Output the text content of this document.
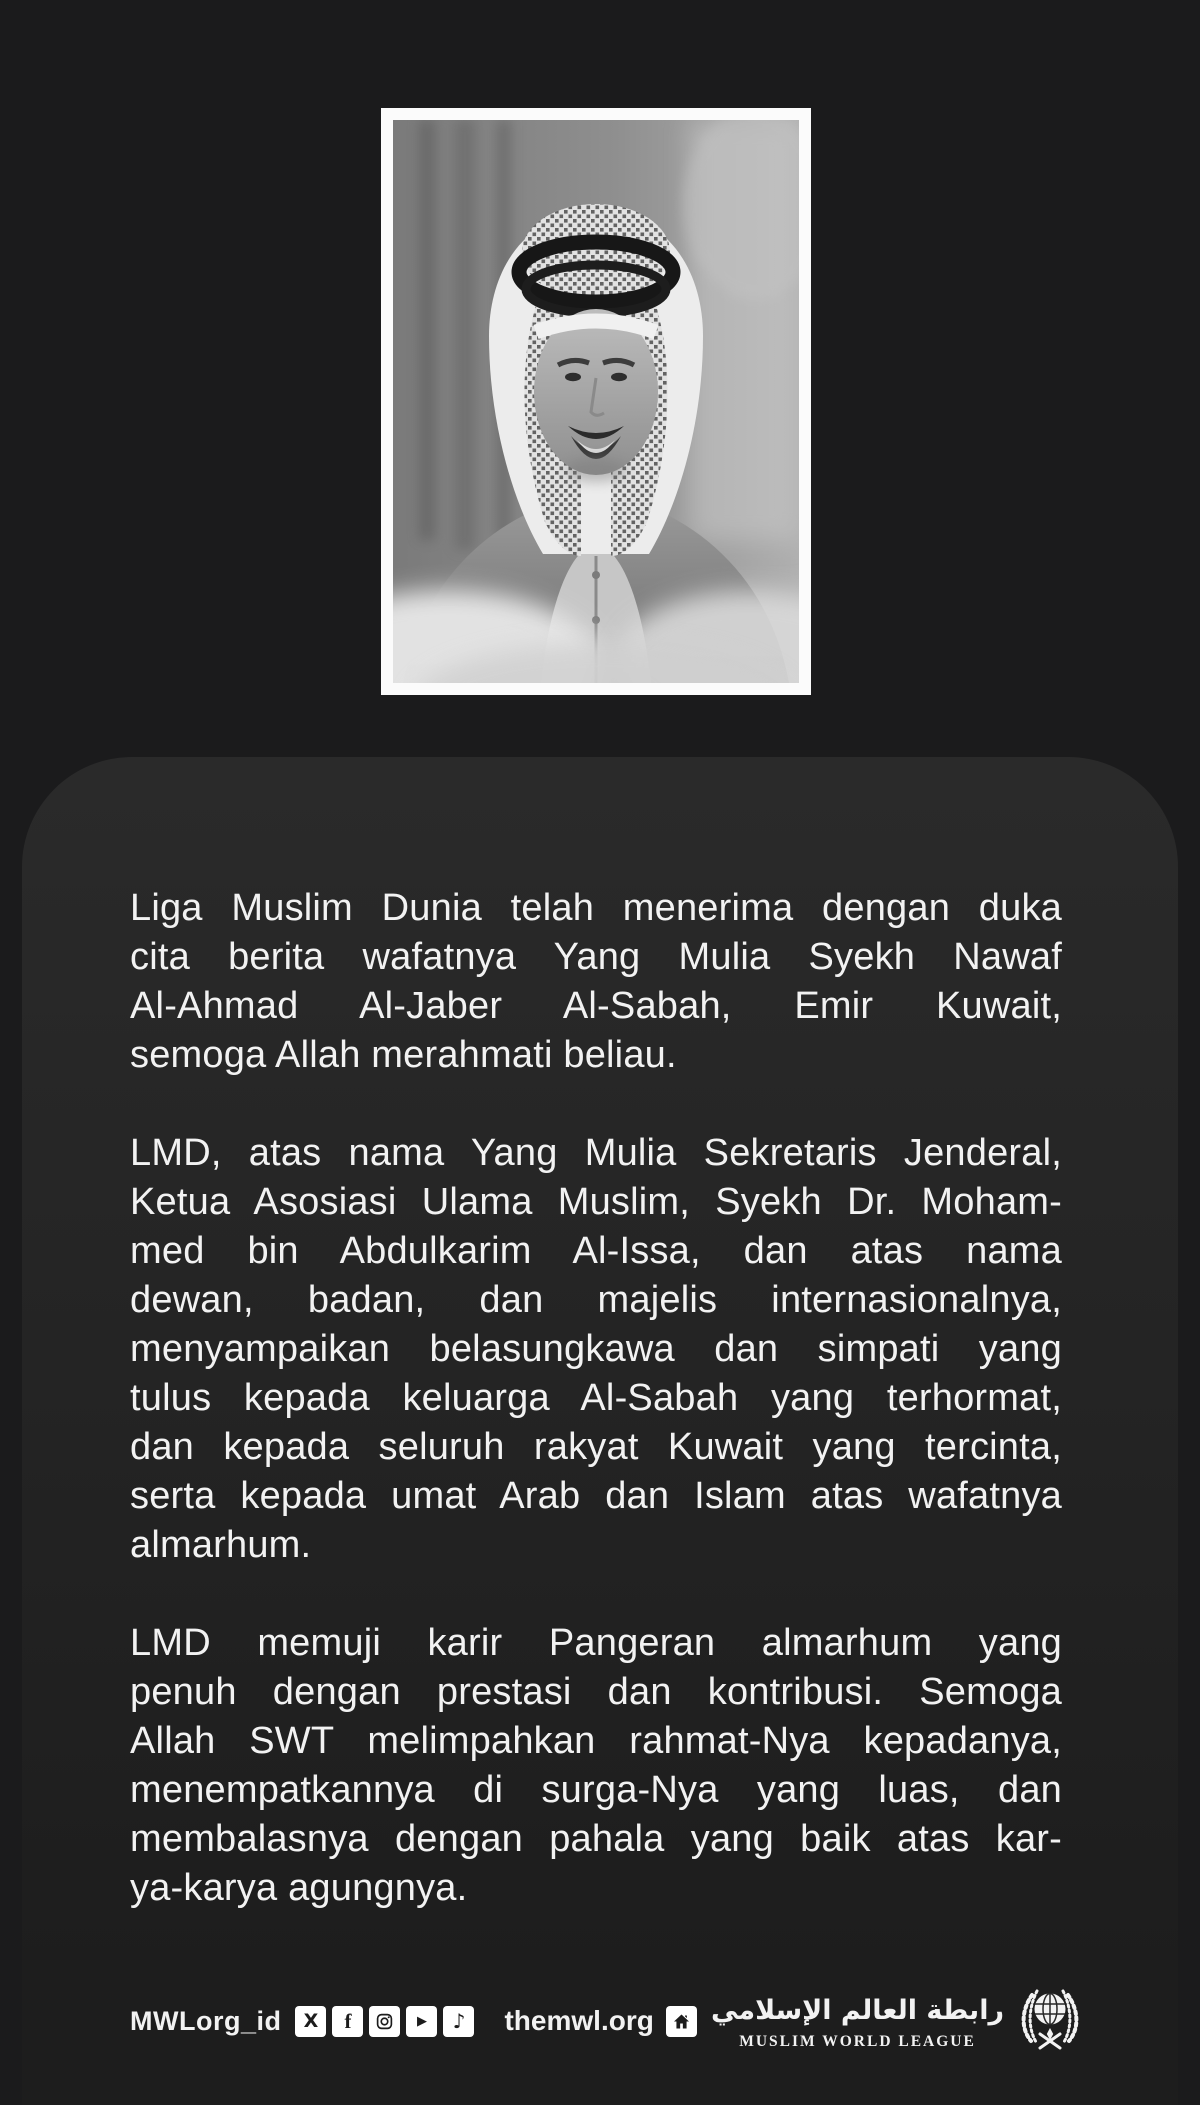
Liga Muslim Dunia telah menerima dengan duka
cita berita wafatnya Yang Mulia Syekh Nawaf
Al-Ahmad Al-Jaber Al-Sabah, Emir Kuwait,
semoga Allah merahmati beliau.
LMD, atas nama Yang Mulia Sekretaris Jenderal,
Ketua Asosiasi Ulama Muslim, Syekh Dr. Moham-
med bin Abdulkarim Al-Issa, dan atas nama
dewan, badan, dan majelis internasionalnya,
menyampaikan belasungkawa dan simpati yang
tulus kepada keluarga Al-Sabah yang terhormat,
dan kepada seluruh rakyat Kuwait yang tercinta,
serta kepada umat Arab dan Islam atas wafatnya
almarhum.
LMD memuji karir Pangeran almarhum yang
penuh dengan prestasi dan kontribusi. Semoga
Allah SWT melimpahkan rahmat-Nya kepadanya,
menempatkannya di surga-Nya yang luas, dan
membalasnya dengan pahala yang baik atas kar-
ya-karya agungnya.
MWLorg_id	X	f	▶	♪	themwl.org رابطة العالم الإسلامي
MUSLIM WORLD LEAGUE
